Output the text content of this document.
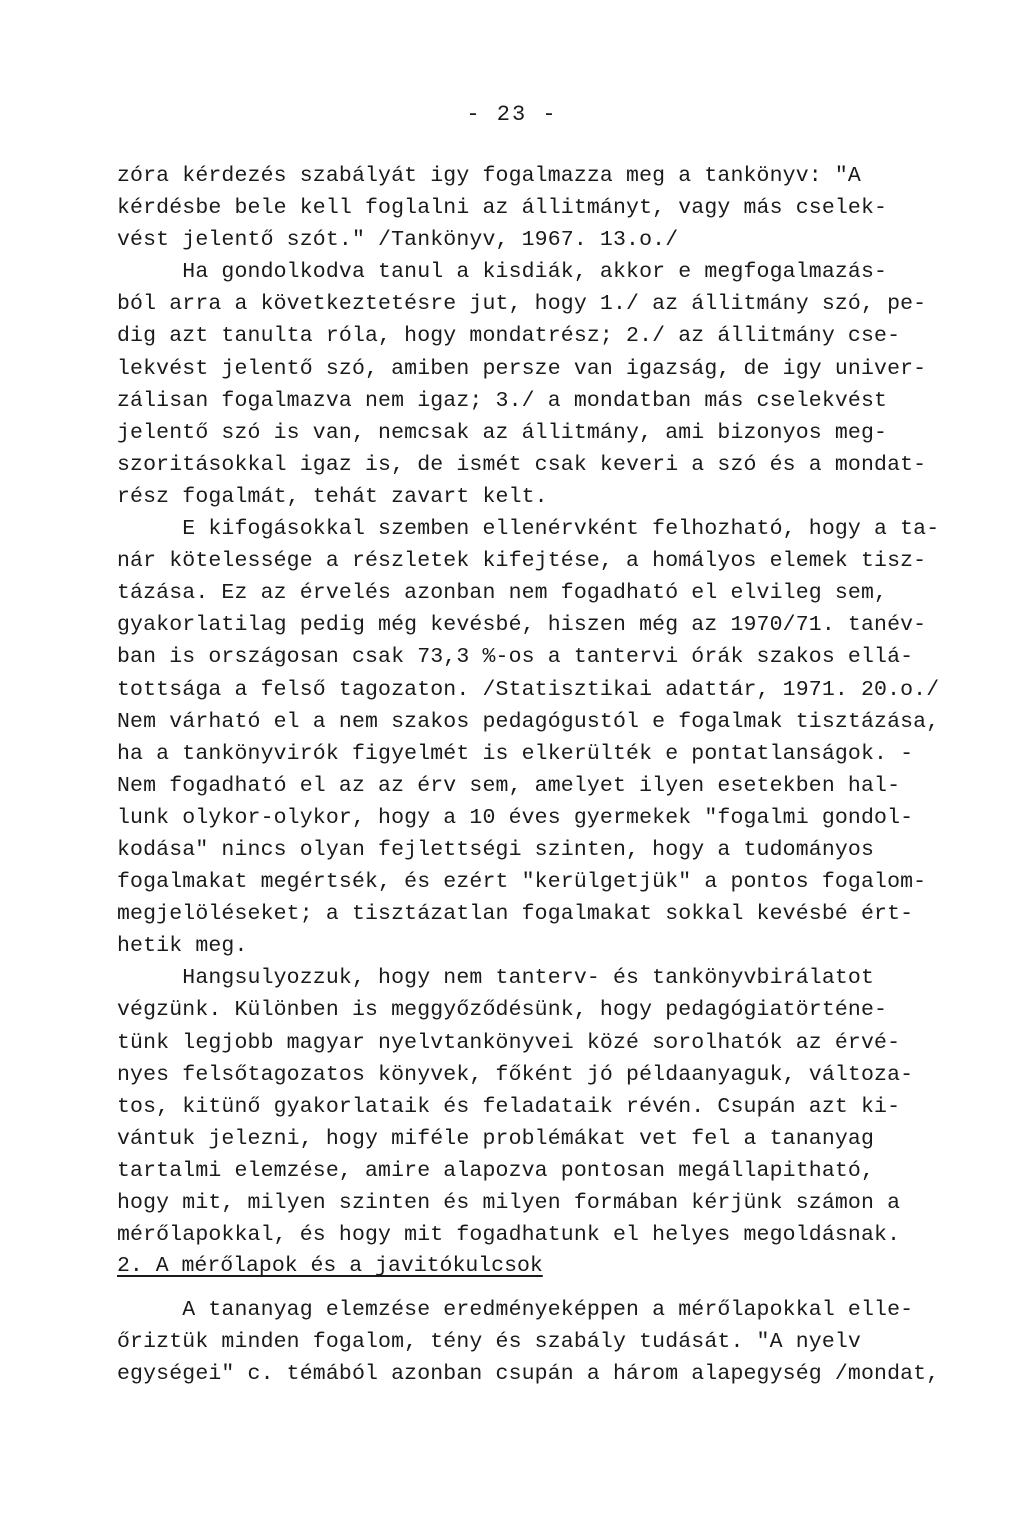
- 23 -
zóra kérdezés szabályát igy fogalmazza meg a tankönyv: "A
kérdésbe bele kell foglalni az állitmányt, vagy más cselek-
vést jelentő szót." /Tankönyv, 1967. 13.o./
Ha gondolkodva tanul a kisdiák, akkor e megfogalmazás-
ból arra a következtetésre jut, hogy 1./ az állitmány szó, pe-
dig azt tanulta róla, hogy mondatrész; 2./ az állitmány cse-
lekvést jelentő szó, amiben persze van igazság, de igy univer-
zálisan fogalmazva nem igaz; 3./ a mondatban más cselekvést
jelentő szó is van, nemcsak az állitmány, ami bizonyos meg-
szoritásokkal igaz is, de ismét csak keveri a szó és a mondat-
rész fogalmát, tehát zavart kelt.
E kifogásokkal szemben ellenérvként felhozható, hogy a ta-
nár kötelessége a részletek kifejtése, a homályos elemek tisz-
tázása. Ez az érvelés azonban nem fogadható el elvileg sem,
gyakorlatilag pedig még kevésbé, hiszen még az 1970/71. tanév-
ban is országosan csak 73,3 %-os a tantervi órák szakos ellá-
tottsága a felső tagozaton. /Statisztikai adattár, 1971. 20.o./
Nem várható el a nem szakos pedagógustól e fogalmak tisztázása,
ha a tankönyvirók figyelmét is elkerülték e pontatlanságok. -
Nem fogadható el az az érv sem, amelyet ilyen esetekben hal-
lunk olykor-olykor, hogy a 10 éves gyermekek "fogalmi gondol-
kodása" nincs olyan fejlettségi szinten, hogy a tudományos
fogalmakat megértsék, és ezért "kerülgetjük" a pontos fogalom-
megjelöléseket; a tisztázatlan fogalmakat sokkal kevésbé ért-
hetik meg.
Hangsulyozzuk, hogy nem tanterv- és tankönyvbirálatot
végzünk. Különben is meggyőződésünk, hogy pedagógiatörténe-
tünk legjobb magyar nyelvtankönyvei közé sorolhatók az érvé-
nyes felsőtagozatos könyvek, főként jó példaanyaguk, változa-
tos, kitünő gyakorlataik és feladataik révén. Csupán azt ki-
vántuk jelezni, hogy miféle problémákat vet fel a tananyag
tartalmi elemzése, amire alapozva pontosan megállapitható,
hogy mit, milyen szinten és milyen formában kérjünk számon a
mérőlapokkal, és hogy mit fogadhatunk el helyes megoldásnak.
2. A mérőlapok és a javitókulcsok
A tananyag elemzése eredményeképpen a mérőlapokkal elle-
őriztük minden fogalom, tény és szabály tudását. "A nyelv
egységei" c. témából azonban csupán a három alapegység /mondat,
